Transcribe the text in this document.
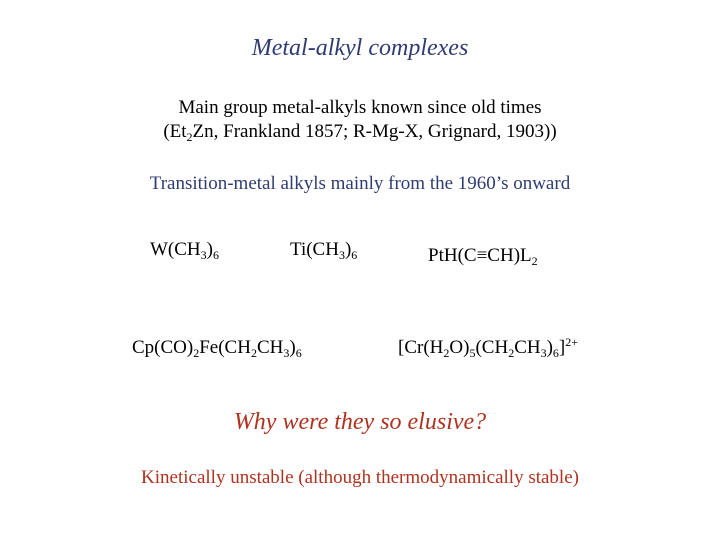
Metal-alkyl complexes
Main group metal-alkyls known since old times
($Et_2Zn$, Frankland 1857; R-Mg-X, Grignard, 1903))
Transition-metal alkyls mainly from the 1960’s onward
$W(CH_3)_6$	$Ti(CH_3)_6$	$PtH(C\equiv CH)L_2$
$Cp(CO)_2Fe(CH_2CH_3)_6$	$[Cr(H_2O)_5(CH_2CH_3)_6]^{2+}$
Why were they so elusive?
Kinetically unstable (although thermodynamically stable)
